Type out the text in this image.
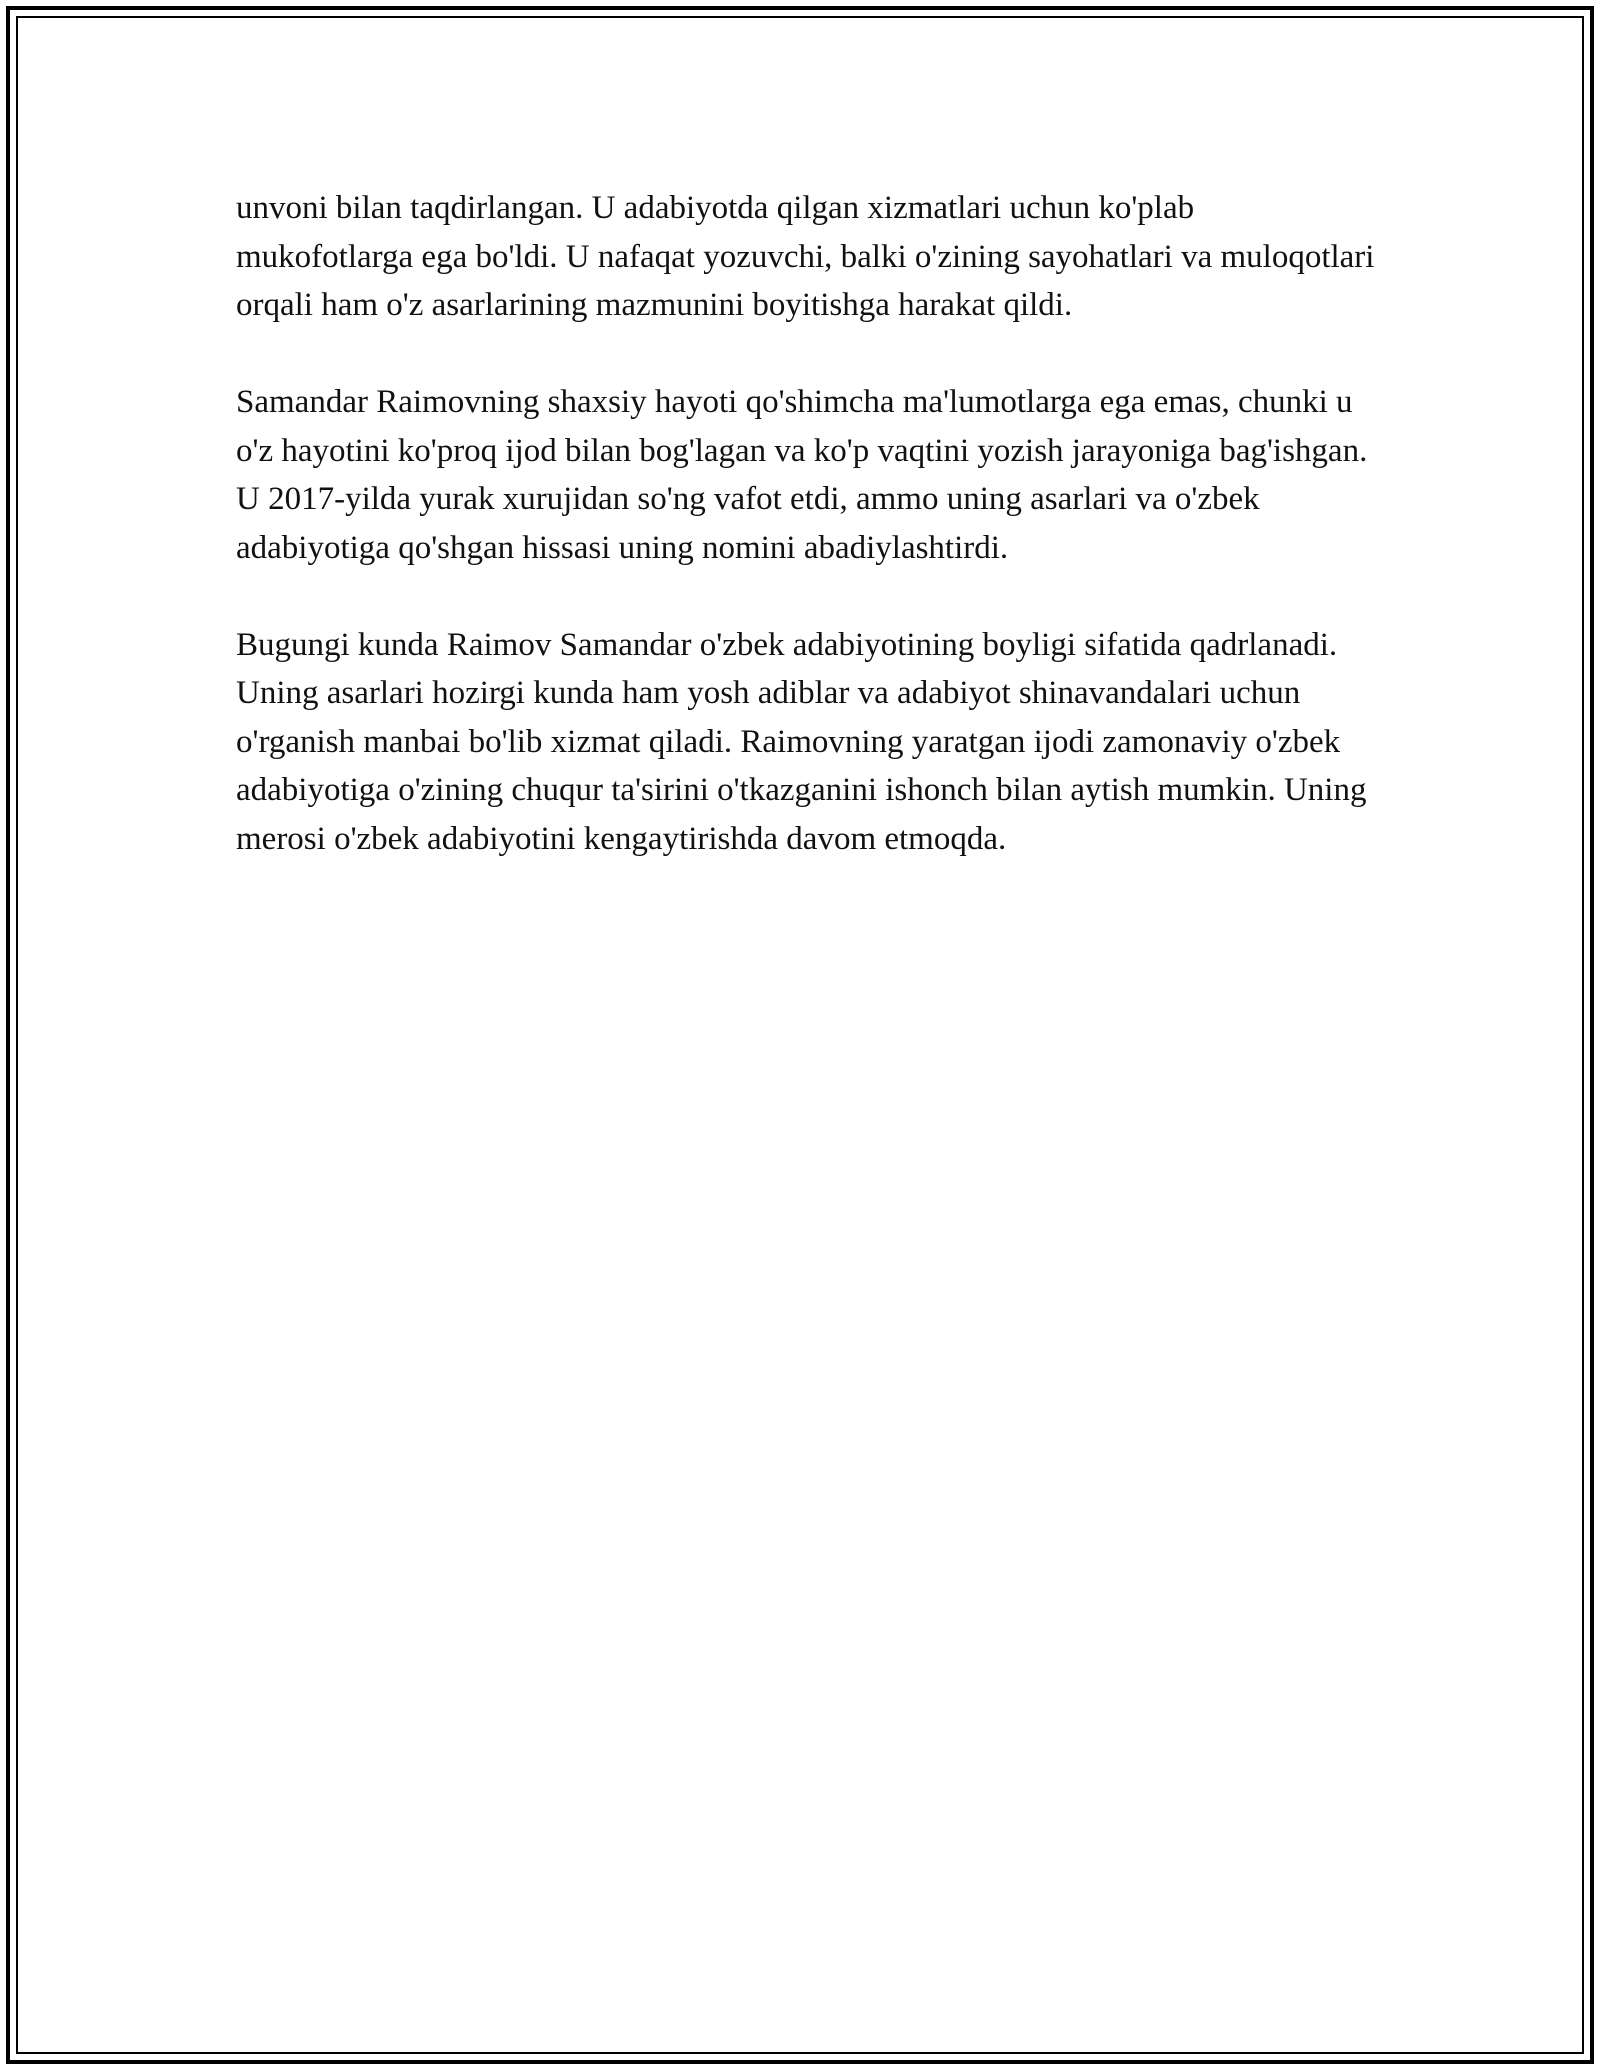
unvoni bilan taqdirlangan. U adabiyotda qilgan xizmatlari uchun ko'plab mukofotlarga ega bo'ldi. U nafaqat yozuvchi, balki o'zining sayohatlari va muloqotlari orqali ham o'z asarlarining mazmunini boyitishga harakat qildi.

Samandar Raimovning shaxsiy hayoti qo'shimcha ma'lumotlarga ega emas, chunki u o'z hayotini ko'proq ijod bilan bog'lagan va ko'p vaqtini yozish jarayoniga bag'ishgan. U 2017-yilda yurak xurujidan so'ng vafot etdi, ammo uning asarlari va o'zbek adabiyotiga qo'shgan hissasi uning nomini abadiylashtirdi.

Bugungi kunda Raimov Samandar o'zbek adabiyotining boyligi sifatida qadrlanadi. Uning asarlari hozirgi kunda ham yosh adiblar va adabiyot shinavandalari uchun o'rganish manbai bo'lib xizmat qiladi. Raimovning yaratgan ijodi zamonaviy o'zbek adabiyotiga o'zining chuqur ta'sirini o'tkazganini ishonch bilan aytish mumkin. Uning merosi o'zbek adabiyotini kengaytirishda davom etmoqda.
